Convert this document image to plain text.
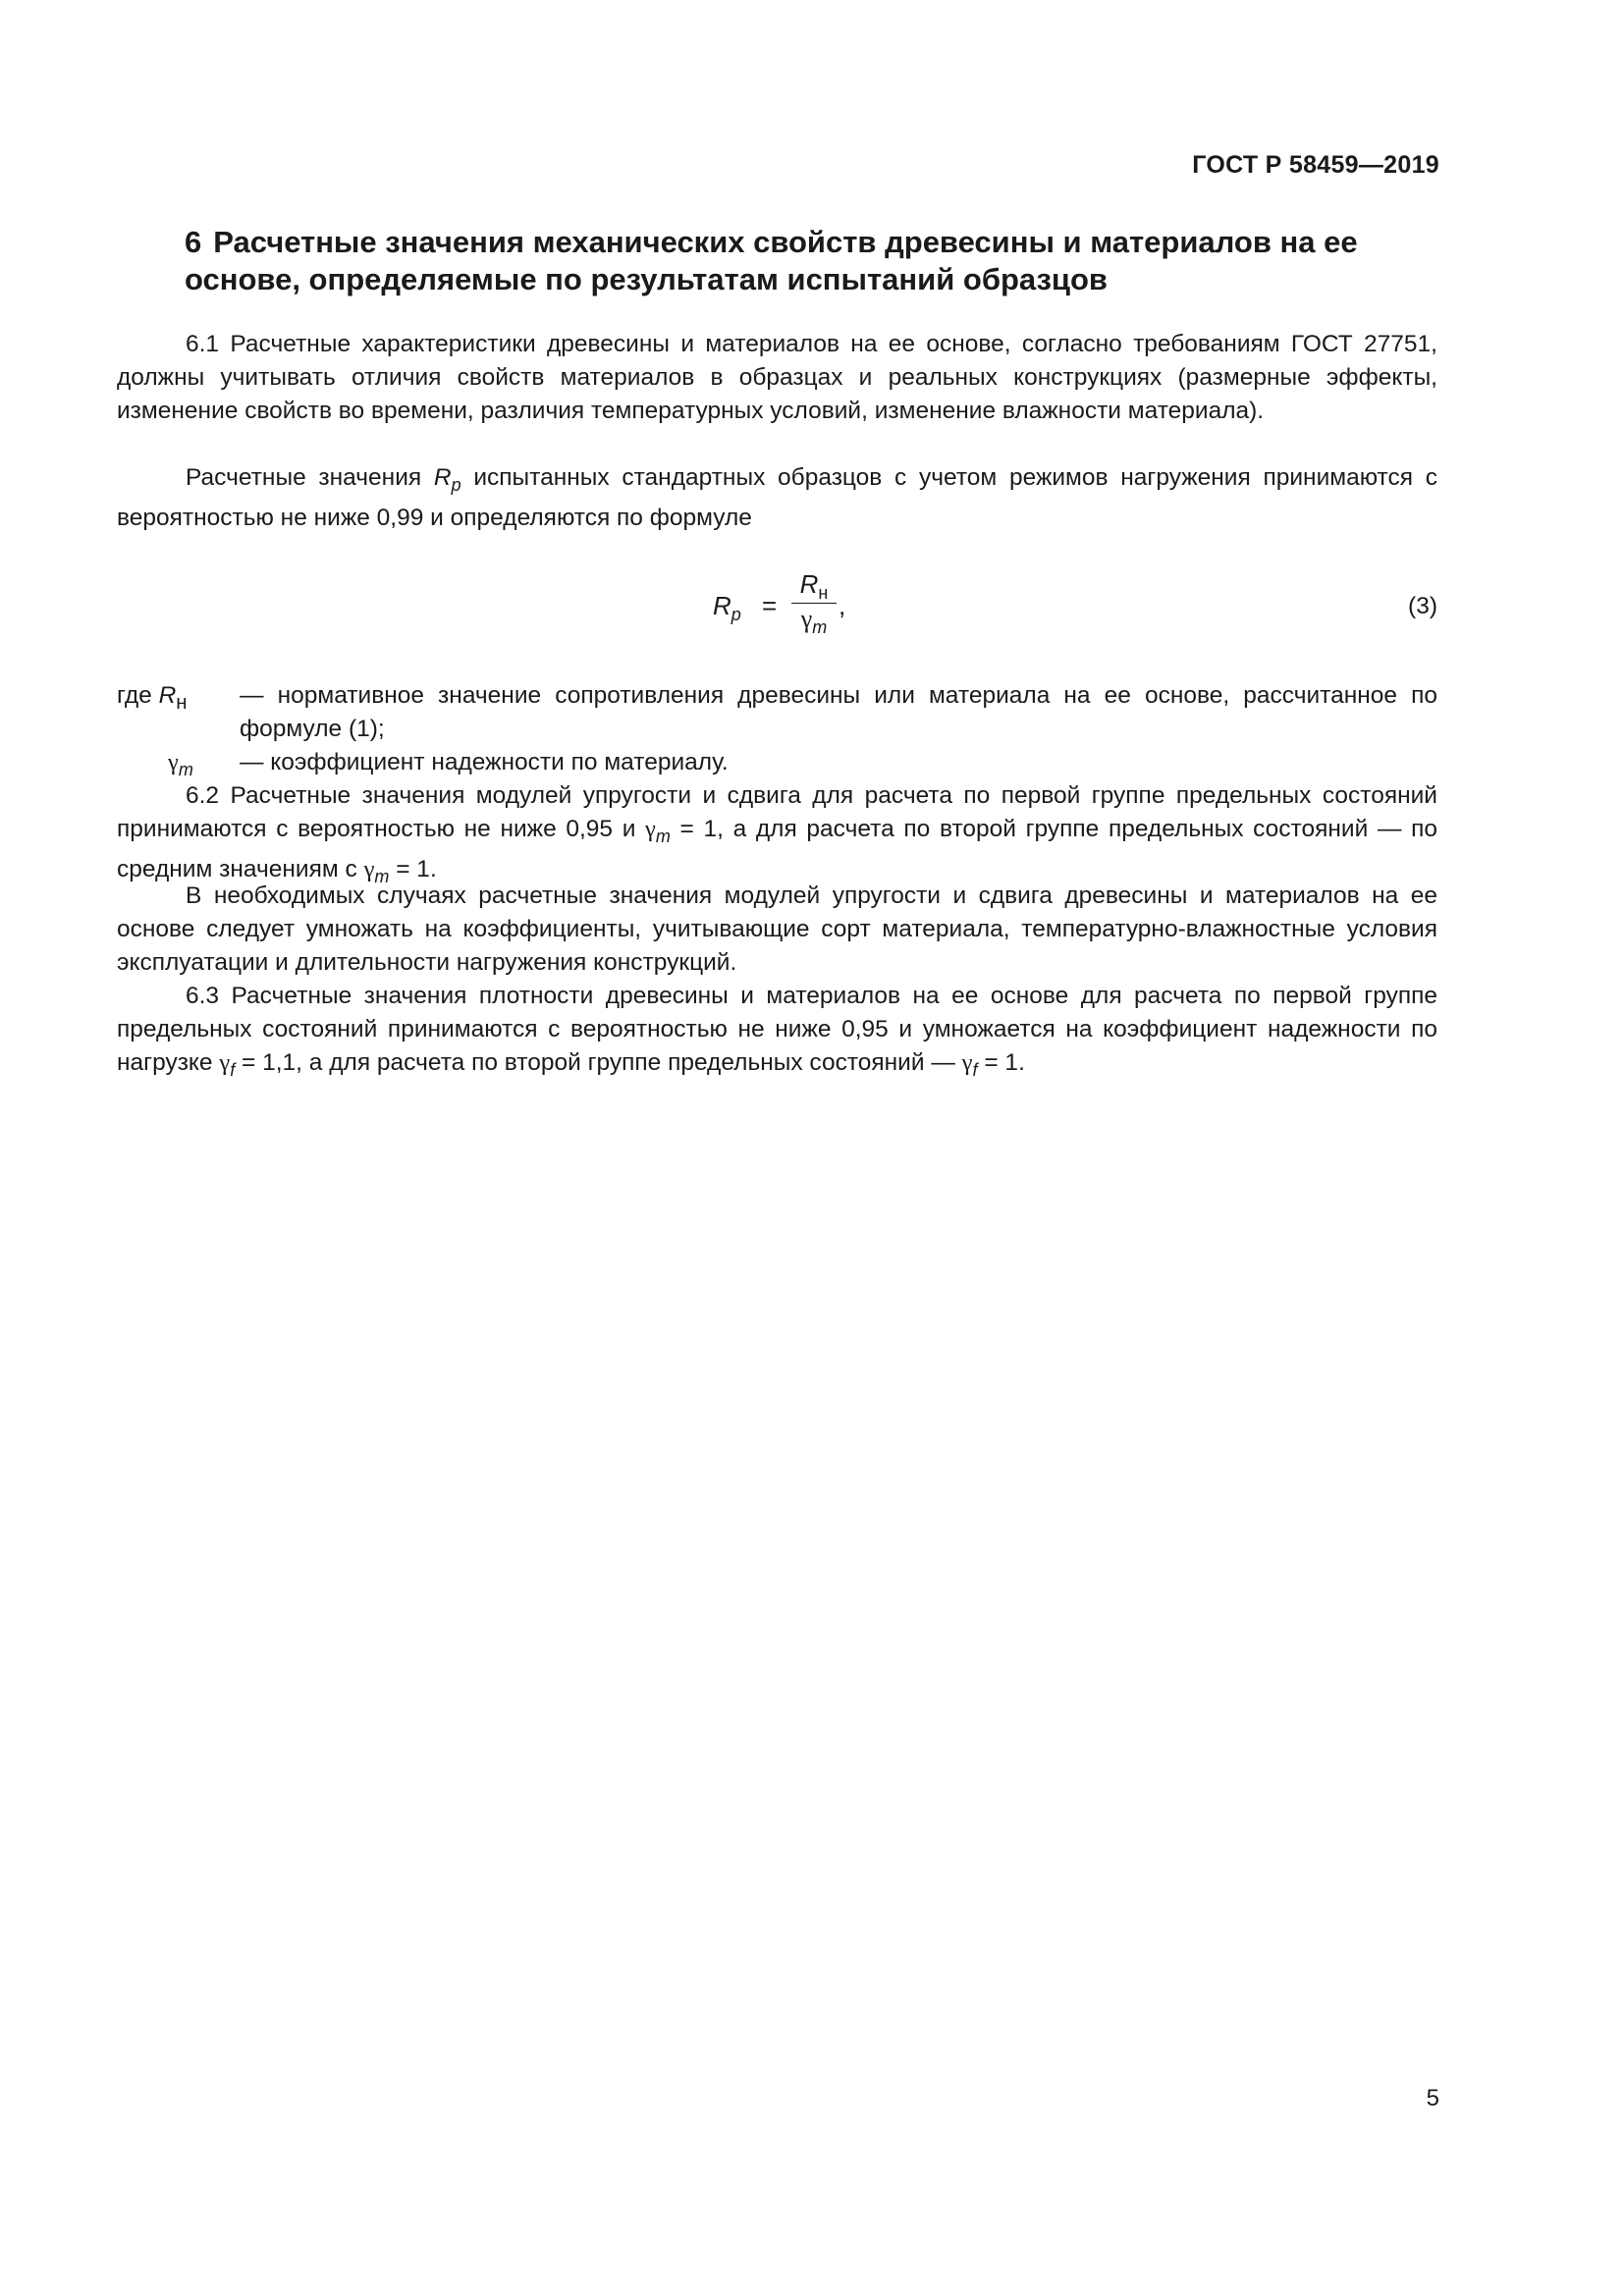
ГОСТ Р 58459—2019
6 Расчетные значения механических свойств древесины и материалов на ее основе, определяемые по результатам испытаний образцов

6.1 Расчетные характеристики древесины и материалов на ее основе, согласно требованиям ГОСТ 27751, должны учитывать отличия свойств материалов в образцах и реальных конструкциях (размерные эффекты, изменение свойств во времени, различия температурных условий, изменение влажности материала).

Расчетные значения $R_p$ испытанных стандартных образцов с учетом режимов нагружения принимаются с вероятностью не ниже 0,99 и определяются по формуле

$R_p$ =
$R_н$
$\gamma_m$
,	(3)
где $R_н$ — нормативное значение сопротивления древесины или материала на ее основе, рассчитанное по формуле (1);
$\gamma_m$ — коэффициент надежности по материалу.

6.2 Расчетные значения модулей упругости и сдвига для расчета по первой группе предельных состояний принимаются с вероятностью не ниже 0,95 и $\gamma_m = 1$, а для расчета по второй группе предельных состояний — по средним значениям с $\gamma_m = 1$.

В необходимых случаях расчетные значения модулей упругости и сдвига древесины и материалов на ее основе следует умножать на коэффициенты, учитывающие сорт материала, температурно-влажностные условия эксплуатации и длительности нагружения конструкций.

6.3 Расчетные значения плотности древесины и материалов на ее основе для расчета по первой группе предельных состояний принимаются с вероятностью не ниже 0,95 и умножается на коэффициент надежности по нагрузке $\gamma_f = 1,1$, а для расчета по второй группе предельных состояний — $\gamma_f = 1$.

5
